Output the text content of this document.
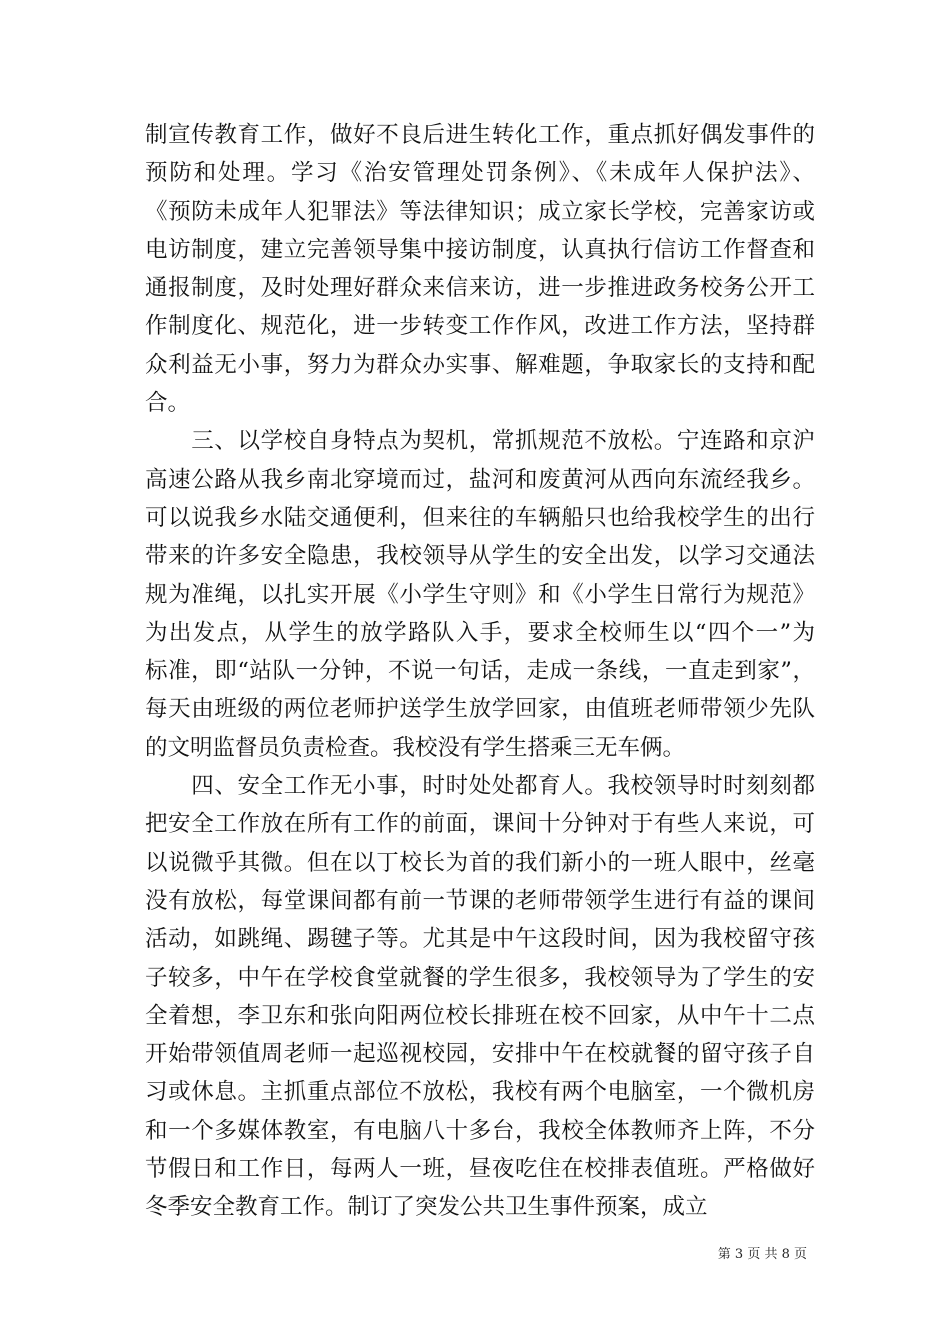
制宣传教育工作，做好不良后进生转化工作，重点抓好偶发事件的
预防和处理。学习《治安管理处罚条例》、《未成年人保护法》、
《预防未成年人犯罪法》等法律知识；成立家长学校，完善家访或
电访制度，建立完善领导集中接访制度，认真执行信访工作督查和
通报制度，及时处理好群众来信来访，进一步推进政务校务公开工
作制度化、规范化，进一步转变工作作风，改进工作方法，坚持群
众利益无小事，努力为群众办实事、解难题，争取家长的支持和配
合。
　　三、以学校自身特点为契机，常抓规范不放松。宁连路和京沪
高速公路从我乡南北穿境而过，盐河和废黄河从西向东流经我乡。
可以说我乡水陆交通便利，但来往的车辆船只也给我校学生的出行
带来的许多安全隐患，我校领导从学生的安全出发，以学习交通法
规为准绳，以扎实开展《小学生守则》和《小学生日常行为规范》
为出发点，从学生的放学路队入手，要求全校师生以“四个一”为
标准，即“站队一分钟，不说一句话，走成一条线，一直走到家”，
每天由班级的两位老师护送学生放学回家，由值班老师带领少先队
的文明监督员负责检查。我校没有学生搭乘三无车俩。
　　四、安全工作无小事，时时处处都育人。我校领导时时刻刻都
把安全工作放在所有工作的前面，课间十分钟对于有些人来说，可
以说微乎其微。但在以丁校长为首的我们新小的一班人眼中，丝毫
没有放松，每堂课间都有前一节课的老师带领学生进行有益的课间
活动，如跳绳、踢毽子等。尤其是中午这段时间，因为我校留守孩
子较多，中午在学校食堂就餐的学生很多，我校领导为了学生的安
全着想，李卫东和张向阳两位校长排班在校不回家，从中午十二点
开始带领值周老师一起巡视校园，安排中午在校就餐的留守孩子自
习或休息。主抓重点部位不放松，我校有两个电脑室，一个微机房
和一个多媒体教室，有电脑八十多台，我校全体教师齐上阵，不分
节假日和工作日，每两人一班，昼夜吃住在校排表值班。严格做好
冬季安全教育工作。制订了突发公共卫生事件预案，成立
第 3 页 共 8 页
